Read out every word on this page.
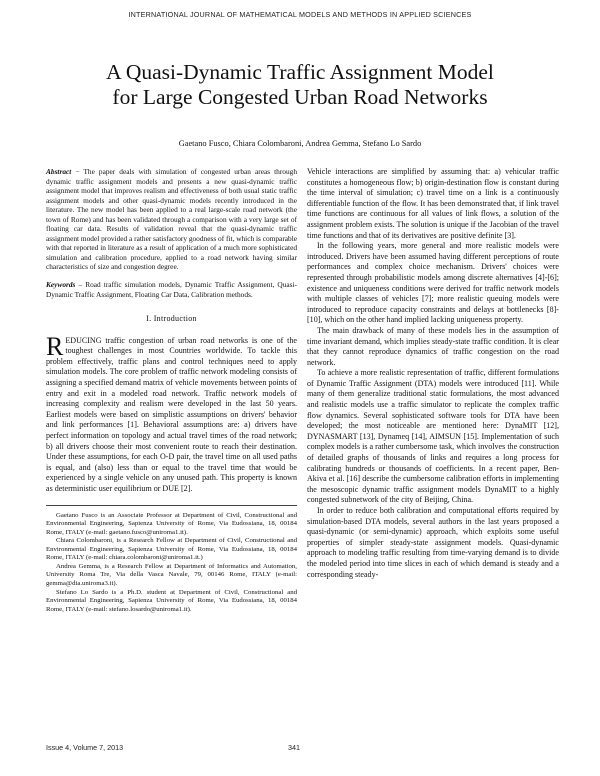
INTERNATIONAL JOURNAL OF MATHEMATICAL MODELS AND METHODS IN APPLIED SCIENCES
A Quasi-Dynamic Traffic Assignment Model
for Large Congested Urban Road Networks
Gaetano Fusco, Chiara Colombaroni, Andrea Gemma, Stefano Lo Sardo

Abstract − The paper deals with simulation of congested urban areas through dynamic traffic assignment models and presents a new quasi-dynamic traffic assignment model that improves realism and effectiveness of both usual static traffic assignment models and other quasi-dynamic models recently introduced in the literature. The new model has been applied to a real large-scale road network (the town of Rome) and has been validated through a comparison with a very large set of floating car data. Results of validation reveal that the quasi-dynamic traffic assignment model provided a rather satisfactory goodness of fit, which is comparable with that reported in literature as a result of application of a much more sophisticated simulation and calibration procedure, applied to a road network having similar characteristics of size and congestion degree.

Keywords – Road traffic simulation models, Dynamic Traffic Assignment, Quasi-Dynamic Traffic Assignment, Floating Car Data, Calibration methods.

I. Introduction

REDUCING traffic congestion of urban road networks is one of the toughest challenges in most Countries worldwide. To tackle this problem effectively, traffic plans and control techniques need to apply simulation models. The core problem of traffic network modeling consists of assigning a specified demand matrix of vehicle movements between points of entry and exit in a modeled road network. Traffic network models of increasing complexity and realism were developed in the last 50 years. Earliest models were based on simplistic assumptions on drivers' behavior and link performances [1]. Behavioral assumptions are: a) drivers have perfect information on topology and actual travel times of the road network; b) all drivers choose their most convenient route to reach their destination. Under these assumptions, for each O-D pair, the travel time on all used paths is equal, and (also) less than or equal to the travel time that would be experienced by a single vehicle on any unused path. This property is known as deterministic user equilibrium or DUE [2].

Gaetano Fusco is an Associate Professor at Department of Civil, Constructional and Environmental Engineering, Sapienza University of Rome, Via Eudossiana, 18, 00184 Rome, ITALY (e-mail: gaetano.fusco@uniroma1.it).

Chiara Colombaroni, is a Research Fellow at Department of Civil, Constructional and Environmental Engineering, Sapienza University of Rome, Via Eudossiana, 18, 00184 Rome, ITALY (e-mail: chiara.colombaroni@uniroma1.it.)

Andrea Gemma, is a Research Fellow at Department of Informatics and Automation, University Roma Tre, Via della Vasca Navale, 79, 00146 Rome, ITALY (e-mail: gemma@dia.uniroma3.it).

Stefano Lo Sardo is a Ph.D. student at Department of Civil, Constructional and Environmental Engineering, Sapienza University of Rome, Via Eudossiana, 18, 00184 Rome, ITALY (e-mail: stefano.losardo@uniroma1.it).

Vehicle interactions are simplified by assuming that: a) vehicular traffic constitutes a homogeneous flow; b) origin-destination flow is constant during the time interval of simulation; c) travel time on a link is a continuously differentiable function of the flow. It has been demonstrated that, if link travel time functions are continuous for all values of link flows, a solution of the assignment problem exists. The solution is unique if the Jacobian of the travel time functions and that of its derivatives are positive definite [3].

In the following years, more general and more realistic models were introduced. Drivers have been assumed having different perceptions of route performances and complex choice mechanism. Drivers' choices were represented through probabilistic models among discrete alternatives [4]-[6]; existence and uniqueness conditions were derived for traffic network models with multiple classes of vehicles [7]; more realistic queuing models were introduced to reproduce capacity constraints and delays at bottlenecks [8]-[10], which on the other hand implied lacking uniqueness property.

The main drawback of many of these models lies in the assumption of time invariant demand, which implies steady-state traffic condition. It is clear that they cannot reproduce dynamics of traffic congestion on the road network.

To achieve a more realistic representation of traffic, different formulations of Dynamic Traffic Assignment (DTA) models were introduced [11]. While many of them generalize traditional static formulations, the most advanced and realistic models use a traffic simulator to replicate the complex traffic flow dynamics. Several sophisticated software tools for DTA have been developed; the most noticeable are mentioned here: DynaMIT [12], DYNASMART [13], Dynameq [14], AIMSUN [15]. Implementation of such complex models is a rather cumbersome task, which involves the construction of detailed graphs of thousands of links and requires a long process for calibrating hundreds or thousands of coefficients. In a recent paper, Ben-Akiva et al. [16] describe the cumbersome calibration efforts in implementing the mesoscopic dynamic traffic assignment models DynaMIT to a highly congested subnetwork of the city of Beijing, China.

In order to reduce both calibration and computational efforts required by simulation-based DTA models, several authors in the last years proposed a quasi-dynamic (or semi-dynamic) approach, which exploits some useful properties of simpler steady-state assignment models. Quasi-dynamic approach to modeling traffic resulting from time-varying demand is to divide the modeled period into time slices in each of which demand is steady and a corresponding steady-

Issue 4, Volume 7, 2013	341
